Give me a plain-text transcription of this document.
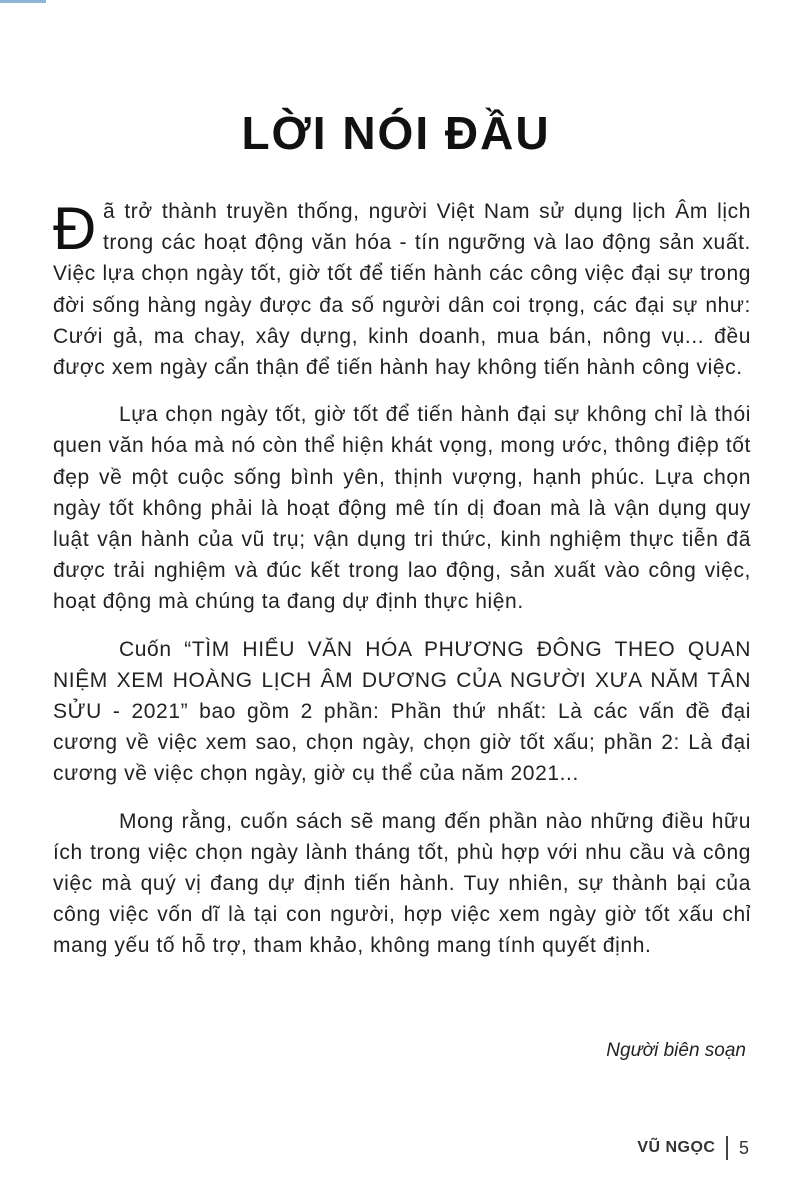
LỜI NÓI ĐẦU

Đã trở thành truyền thống, người Việt Nam sử dụng lịch Âm lịch trong các hoạt động văn hóa - tín ngưỡng và lao động sản xuất. Việc lựa chọn ngày tốt, giờ tốt để tiến hành các công việc đại sự trong đời sống hàng ngày được đa số người dân coi trọng, các đại sự như: Cưới gả, ma chay, xây dựng, kinh doanh, mua bán, nông vụ... đều được xem ngày cẩn thận để tiến hành hay không tiến hành công việc.

Lựa chọn ngày tốt, giờ tốt để tiến hành đại sự không chỉ là thói quen văn hóa mà nó còn thể hiện khát vọng, mong ước, thông điệp tốt đẹp về một cuộc sống bình yên, thịnh vượng, hạnh phúc. Lựa chọn ngày tốt không phải là hoạt động mê tín dị đoan mà là vận dụng quy luật vận hành của vũ trụ; vận dụng tri thức, kinh nghiệm thực tiễn đã được trải nghiệm và đúc kết trong lao động, sản xuất vào công việc, hoạt động mà chúng ta đang dự định thực hiện.

Cuốn “TÌM HIỂU VĂN HÓA PHƯƠNG ĐÔNG THEO QUAN NIỆM XEM HOÀNG LỊCH ÂM DƯƠNG CỦA NGƯỜI XƯA NĂM TÂN SỬU - 2021” bao gồm 2 phần: Phần thứ nhất: Là các vấn đề đại cương về việc xem sao, chọn ngày, chọn giờ tốt xấu; phần 2: Là đại cương về việc chọn ngày, giờ cụ thể của năm 2021...

Mong rằng, cuốn sách sẽ mang đến phần nào những điều hữu ích trong việc chọn ngày lành tháng tốt, phù hợp với nhu cầu và công việc mà quý vị đang dự định tiến hành. Tuy nhiên, sự thành bại của công việc vốn dĩ là tại con người, hợp việc xem ngày giờ tốt xấu chỉ mang yếu tố hỗ trợ, tham khảo, không mang tính quyết định.

Người biên soạn

VŨ NGỌC 5
